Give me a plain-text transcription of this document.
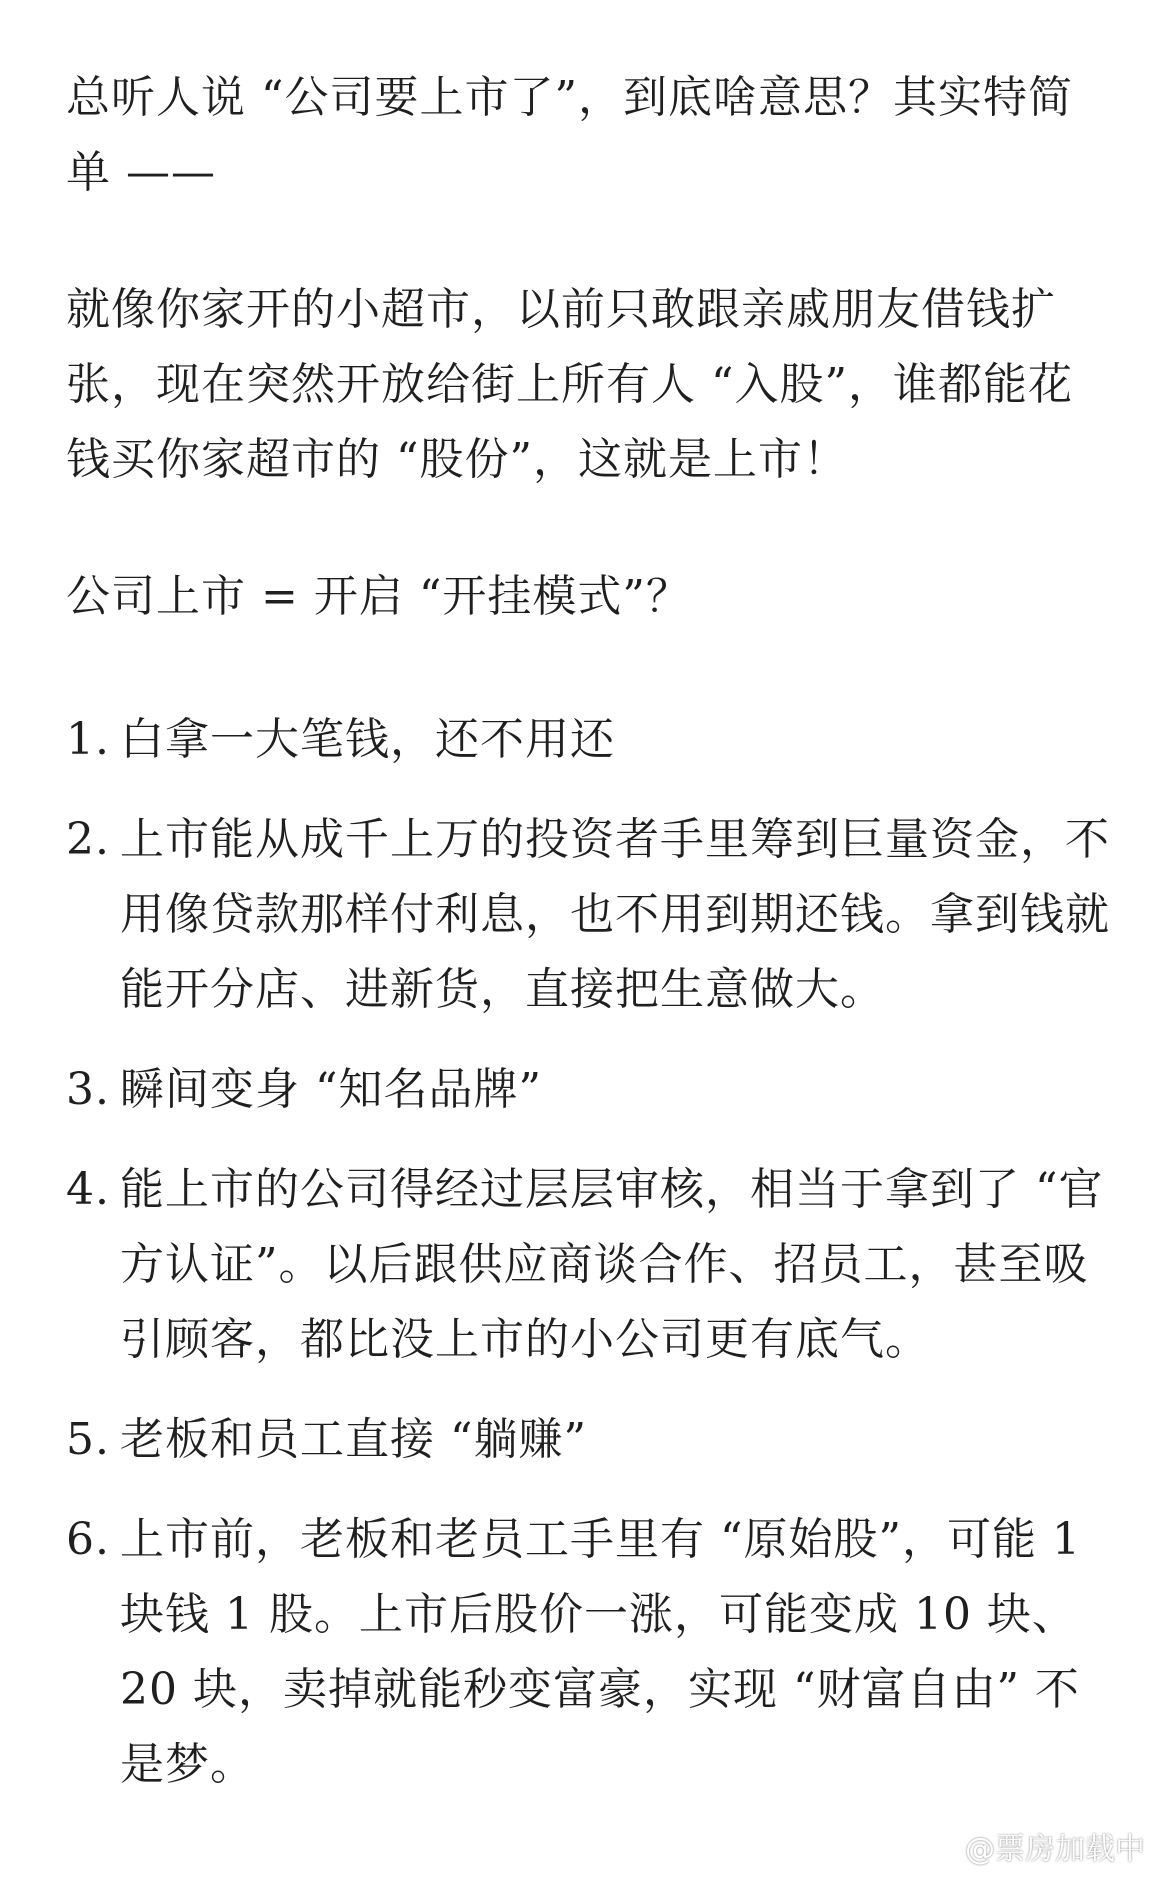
总听人说 “公司要上市了”，到底啥意思？其实特简单 ——

就像你家开的小超市，以前只敢跟亲戚朋友借钱扩张，现在突然开放给街上所有人 “入股”，谁都能花钱买你家超市的 “股份”，这就是上市！

公司上市 = 开启 “开挂模式”？

1. 白拿一大笔钱，还不用还
2. 上市能从成千上万的投资者手里筹到巨量资金，不用像贷款那样付利息，也不用到期还钱。拿到钱就能开分店、进新货，直接把生意做大。
3. 瞬间变身 “知名品牌”
4. 能上市的公司得经过层层审核，相当于拿到了 “官方认证”。以后跟供应商谈合作、招员工，甚至吸引顾客，都比没上市的小公司更有底气。
5. 老板和员工直接 “躺赚”
6. 上市前，老板和老员工手里有 “原始股”，可能 1 块钱 1 股。上市后股价一涨，可能变成 10 块、20 块，卖掉就能秒变富豪，实现 “财富自由” 不是梦。
@票房加载中
